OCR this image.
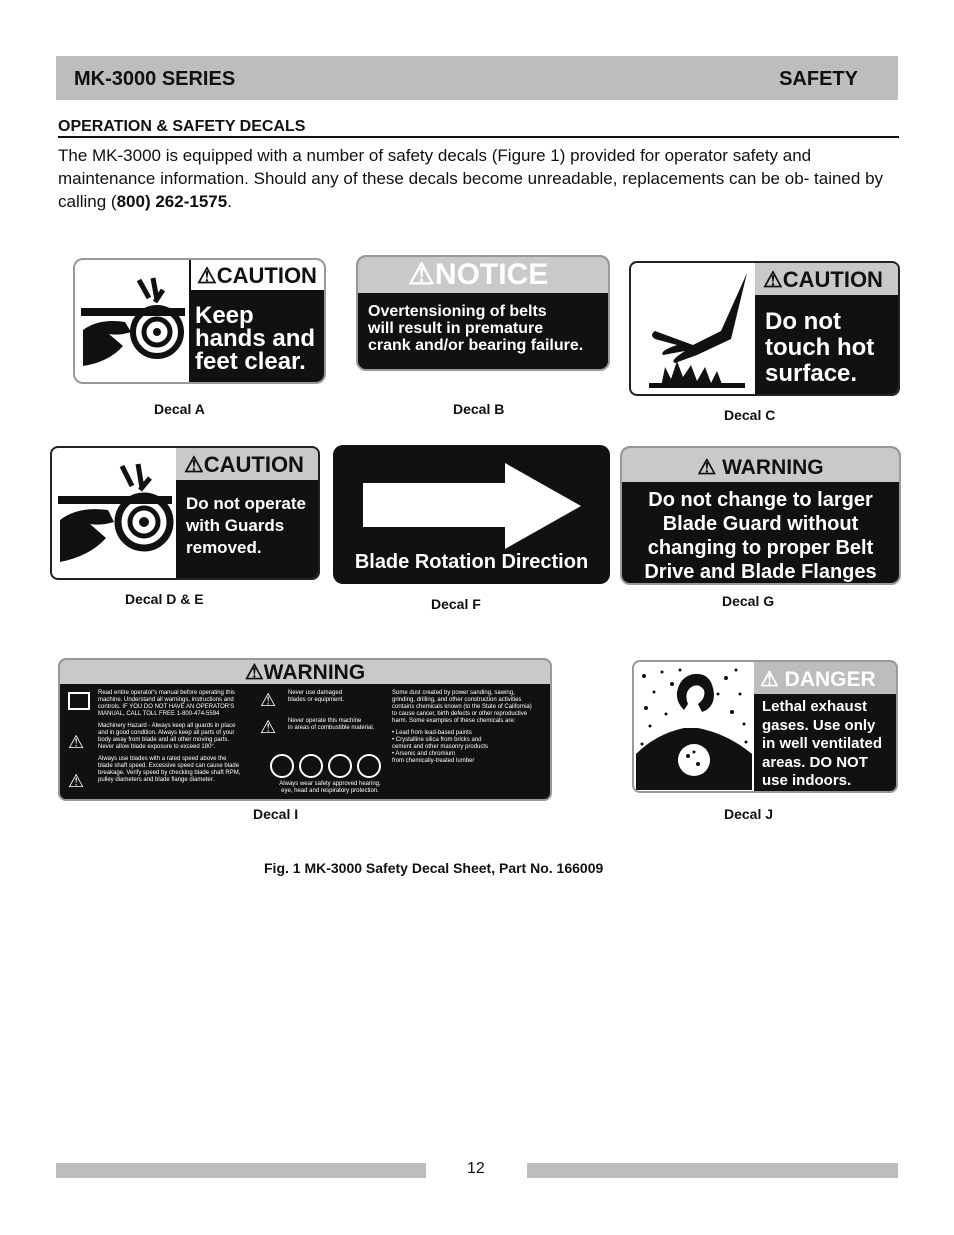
MK-3000 SERIES	SAFETY
OPERATION & SAFETY DECALS
The MK-3000 is equipped with a number of safety decals (Figure 1) provided for operator safety and maintenance information. Should any of these decals become unreadable, replacements can be ob- tained by calling (800) 262-1575.
⚠CAUTION
Keep
hands and
feet clear.
Decal A
⚠NOTICE
Overtensioning of belts
will result in premature
crank and/or bearing failure.
Decal B
⚠CAUTION
Do not
touch hot
surface.
Decal C
⚠CAUTION
Do not operate
with Guards
removed.
Decal D & E
Blade Rotation Direction
Decal F
⚠ WARNING
Do not change to larger
Blade Guard without
changing to proper Belt
Drive and Blade Flanges
Decal G
⚠WARNING
⚠
⚠
Read entire operator's manual before operating this
machine. Understand all warnings, instructions and
controls. IF YOU DO NOT HAVE AN OPERATOR'S
MANUAL, CALL TOLL FREE 1-800-474-5594
Machinery Hazard - Always keep all guards in place
and in good condition. Always keep all parts of your
body away from blade and all other moving parts.
Never allow blade exposure to exceed 180°.
Always use blades with a rated speed above the
blade shaft speed. Excessive speed can cause blade
breakage. Verify speed by checking blade shaft RPM,
pulley diameters and blade flange diameter.
⚠
⚠
Never use damaged
blades or equipment.
Never operate this machine
in areas of combustible material.
Always wear safety approved hearing,
eye, head and respiratory protection.
Some dust created by power sanding, sawing,
grinding, drilling, and other construction activities
contains chemicals known (to the State of California)
to cause cancer, birth defects or other reproductive
harm. Some examples of these chemicals are:
• Lead from lead-based paints
• Crystalline silica from bricks and
cement and other masonry products
• Arsenic and chromium
from chemically-treated lumber
Decal I
⚠ DANGER
Lethal exhaust
gases. Use only
in well ventilated
areas. DO NOT
use indoors.
Decal J
Fig. 1 MK-3000 Safety Decal Sheet, Part No. 166009
12
